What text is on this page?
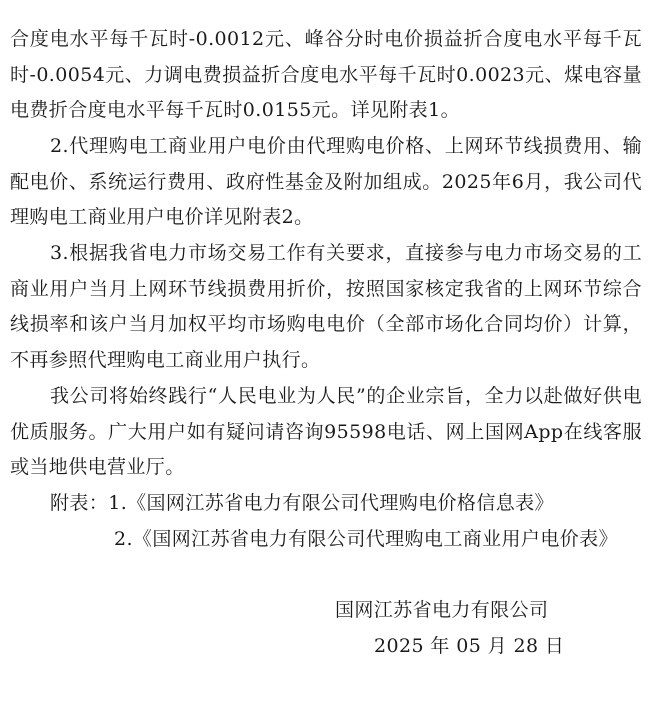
合度电水平每千瓦时-0.0012元、峰谷分时电价损益折合度电水平每千瓦时-0.0054元、力调电费损益折合度电水平每千瓦时0.0023元、煤电容量电费折合度电水平每千瓦时0.0155元。详见附表1。

2.代理购电工商业用户电价由代理购电价格、上网环节线损费用、输配电价、系统运行费用、政府性基金及附加组成。2025年6月，我公司代理购电工商业用户电价详见附表2。

3.根据我省电力市场交易工作有关要求，直接参与电力市场交易的工商业用户当月上网环节线损费用折价，按照国家核定我省的上网环节综合线损率和该户当月加权平均市场购电电价（全部市场化合同均价）计算，不再参照代理购电工商业用户执行。

我公司将始终践行“人民电业为人民”的企业宗旨，全力以赴做好供电优质服务。广大用户如有疑问请咨询95598电话、网上国网App在线客服或当地供电营业厅。

附表：1.《国网江苏省电力有限公司代理购电价格信息表》

2.《国网江苏省电力有限公司代理购电工商业用户电价表》

国网江苏省电力有限公司

2025 年 05 月 28 日
